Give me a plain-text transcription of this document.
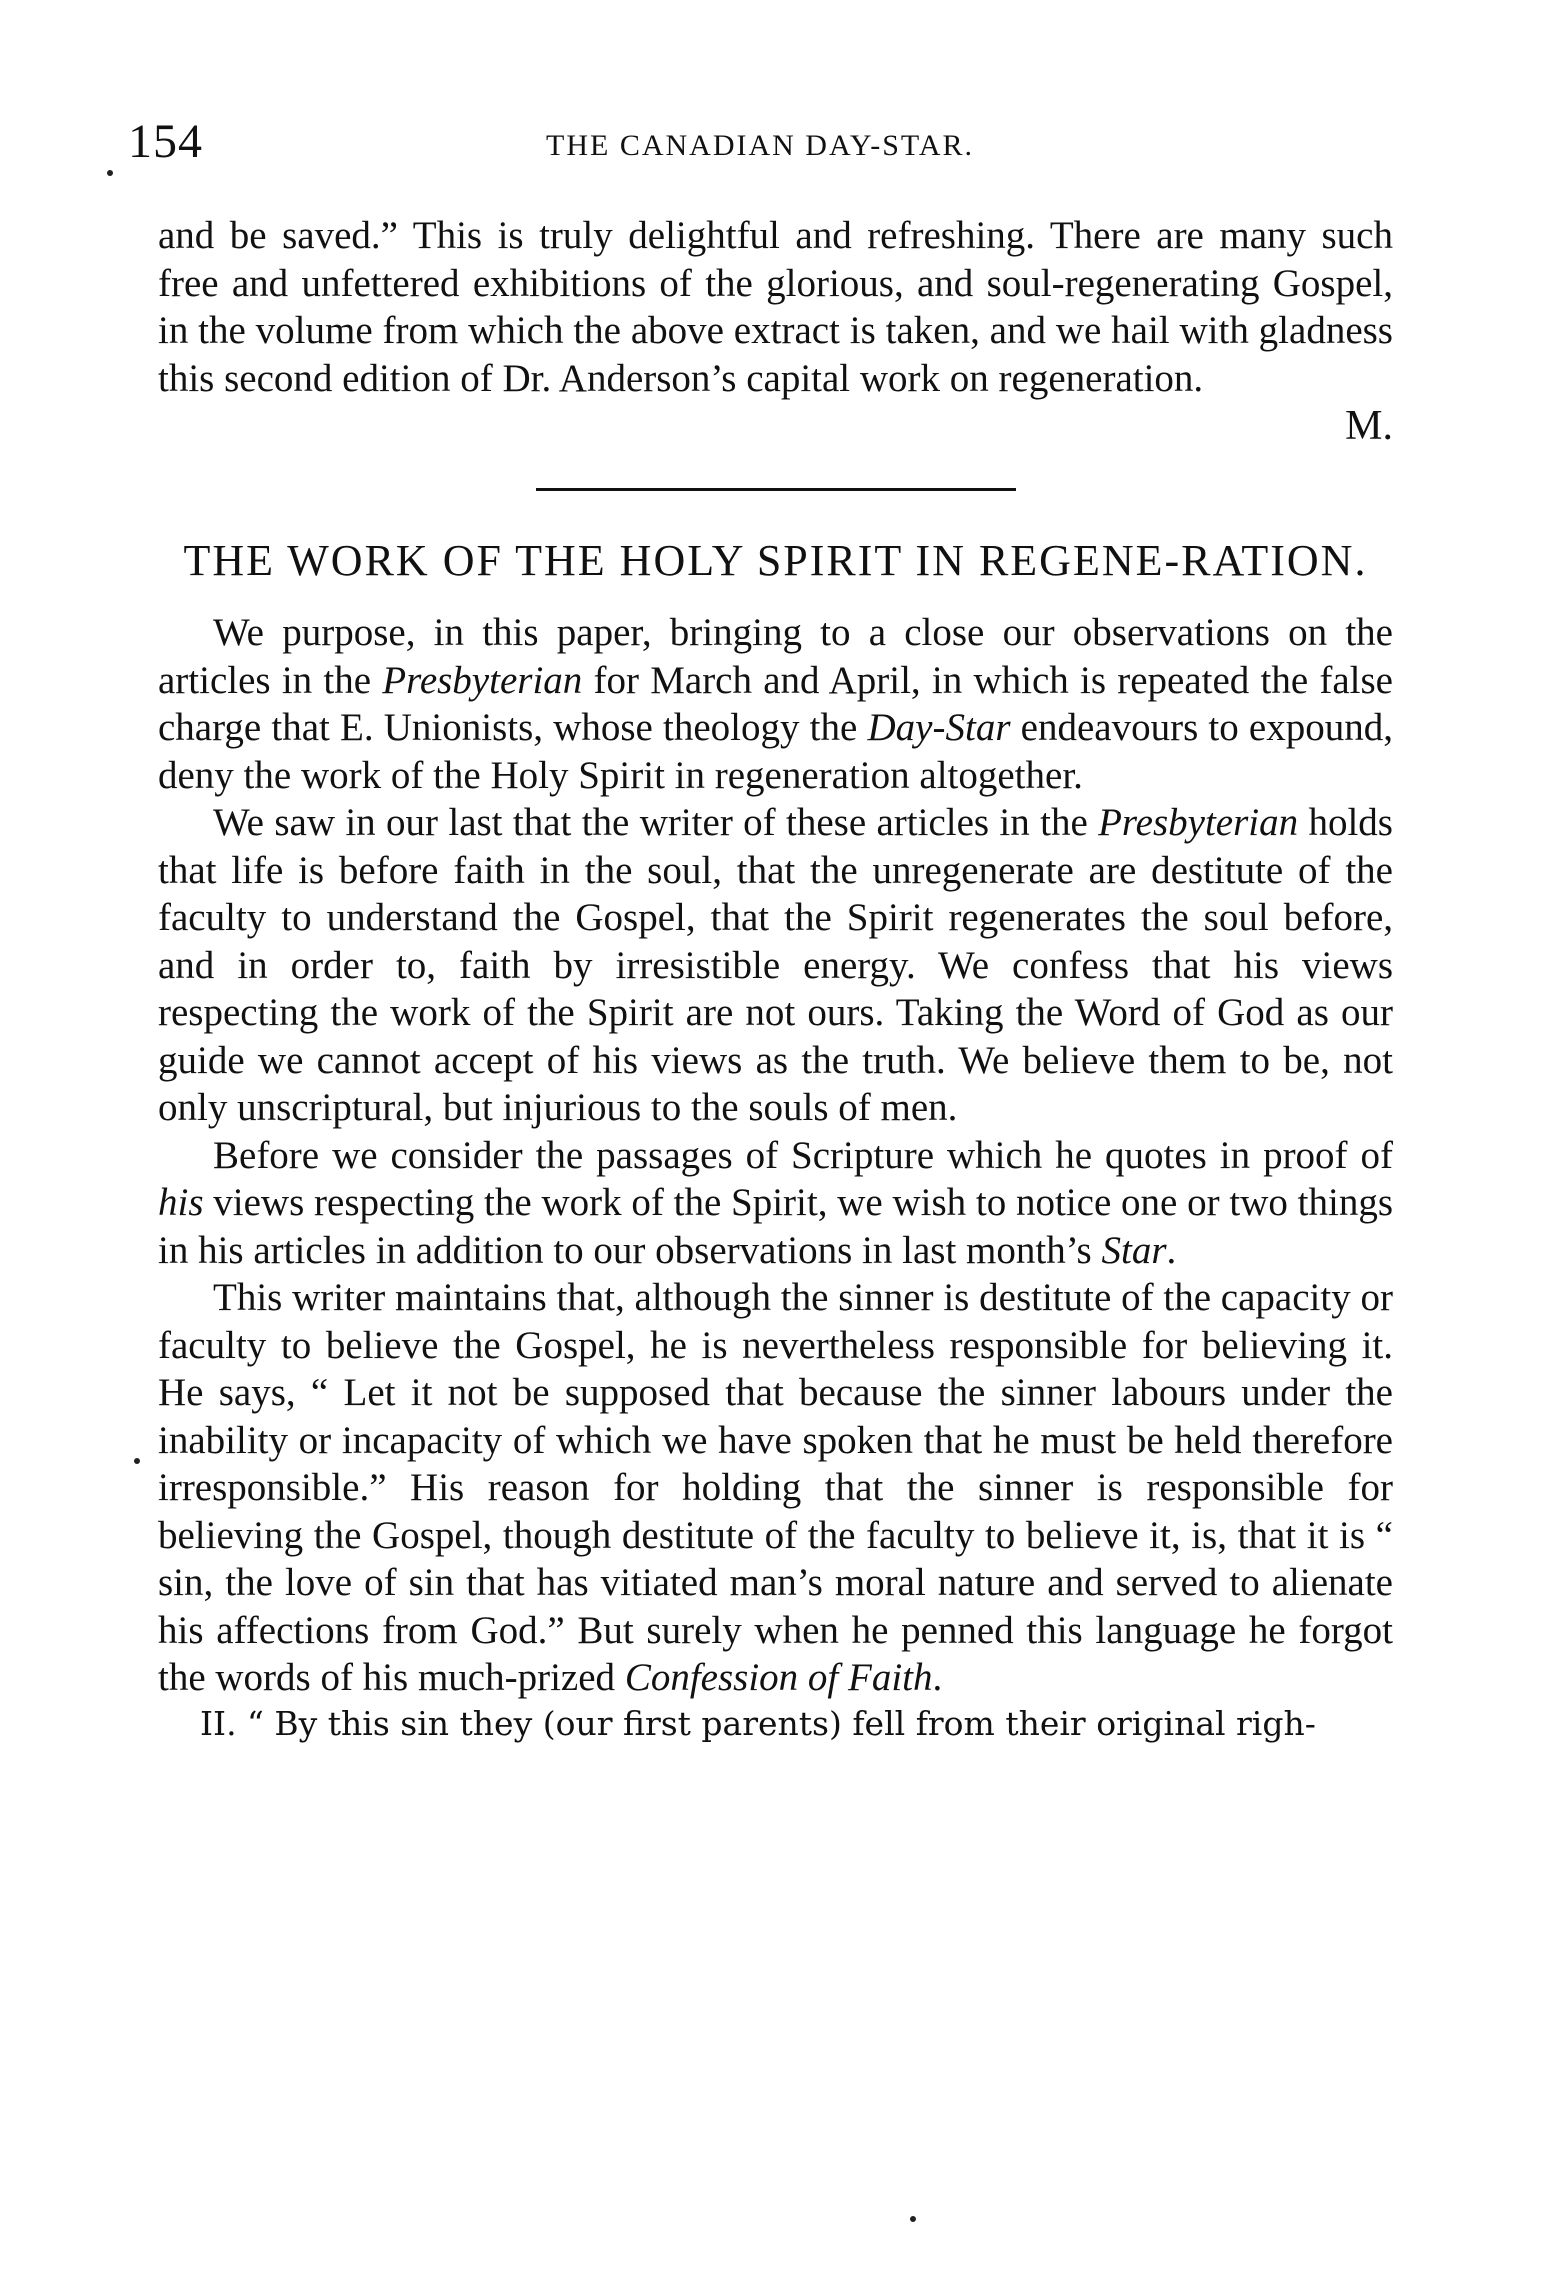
154	THE CANADIAN DAY-STAR.

and be saved.” This is truly delightful and refreshing. There are many such free and unfettered exhibitions of the glorious, and soul-regenerating Gospel, in the volume from which the above extract is taken, and we hail with gladness this second edition of Dr. Anderson’s capital work on regeneration.

M.

THE WORK OF THE HOLY SPIRIT IN REGENE-RATION.

We purpose, in this paper, bringing to a close our observations on the articles in the Presbyterian for March and April, in which is repeated the false charge that E. Unionists, whose theology the Day-Star endeavours to expound, deny the work of the Holy Spirit in regeneration altogether.

We saw in our last that the writer of these articles in the Presbyterian holds that life is before faith in the soul, that the unregenerate are destitute of the faculty to understand the Gospel, that the Spirit regenerates the soul before, and in order to, faith by irresistible energy. We confess that his views respecting the work of the Spirit are not ours. Taking the Word of God as our guide we cannot accept of his views as the truth. We believe them to be, not only unscriptural, but injurious to the souls of men.

Before we consider the passages of Scripture which he quotes in proof of his views respecting the work of the Spirit, we wish to notice one or two things in his articles in addition to our observations in last month’s Star.

This writer maintains that, although the sinner is destitute of the capacity or faculty to believe the Gospel, he is nevertheless responsible for believing it. He says, “ Let it not be supposed that because the sinner labours under the inability or incapacity of which we have spoken that he must be held therefore irresponsible.” His reason for holding that the sinner is responsible for believing the Gospel, though destitute of the faculty to believe it, is, that it is “ sin, the love of sin that has vitiated man’s moral nature and served to alienate his affections from God.” But surely when he penned this language he forgot the words of his much-prized Confession of Faith.

II. “ By this sin they (our first parents) fell from their original righ-
